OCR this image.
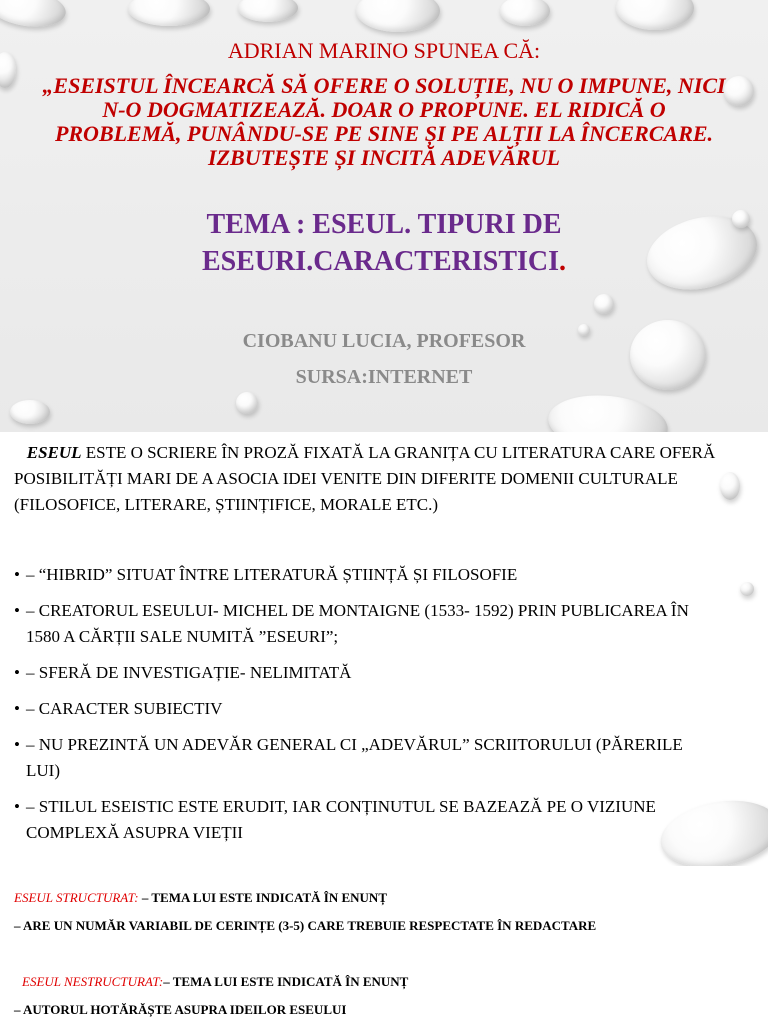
ADRIAN MARINO SPUNEA CĂ:

„ESEISTUL ÎNCEARCĂ SĂ OFERE O SOLUȚIE, NU O IMPUNE, NICI N-O DOGMATIZEAZĂ. DOAR O PROPUNE. EL RIDICĂ O PROBLEMĂ, PUNÂNDU-SE PE SINE ȘI PE ALȚII LA ÎNCERCARE. IZBUTEȘTE ȘI INCITĂ ADEVĂRUL

TEMA : ESEUL. TIPURI DE ESEURI.CARACTERISTICI.

CIOBANU LUCIA, PROFESOR

SURSA:INTERNET

ESEUL ESTE O SCRIERE ÎN PROZĂ FIXATĂ LA GRANIȚA CU LITERATURA CARE OFERĂ POSIBILITĂȚI MARI DE A ASOCIA IDEI VENITE DIN DIFERITE DOMENII CULTURALE (FILOSOFICE, LITERARE, ȘTIINȚIFICE, MORALE ETC.)

• – “HIBRID” SITUAT ÎNTRE LITERATURĂ ȘTIINȚĂ ȘI FILOSOFIE
• – CREATORUL ESEULUI- MICHEL DE MONTAIGNE (1533- 1592) PRIN PUBLICAREA ÎN 1580 A CĂRȚII SALE NUMITĂ ”ESEURI”;
• – SFERĂ DE INVESTIGAȚIE- NELIMITATĂ
• – CARACTER SUBIECTIV
• – NU PREZINTĂ UN ADEVĂR GENERAL CI „ADEVĂRUL” SCRIITORULUI (PĂRERILE LUI)
• – STILUL ESEISTIC ESTE ERUDIT, IAR CONȚINUTUL SE BAZEAZĂ PE O VIZIUNE COMPLEXĂ ASUPRA VIEȚII

ESEUL STRUCTURAT: – TEMA LUI ESTE INDICATĂ ÎN ENUNȚ

– ARE UN NUMĂR VARIABIL DE CERINȚE (3-5) CARE TREBUIE RESPECTATE ÎN REDACTARE

ESEUL NESTRUCTURAT:– TEMA LUI ESTE INDICATĂ ÎN ENUNȚ

– AUTORUL HOTĂRĂȘTE ASUPRA IDEILOR ESEULUI
